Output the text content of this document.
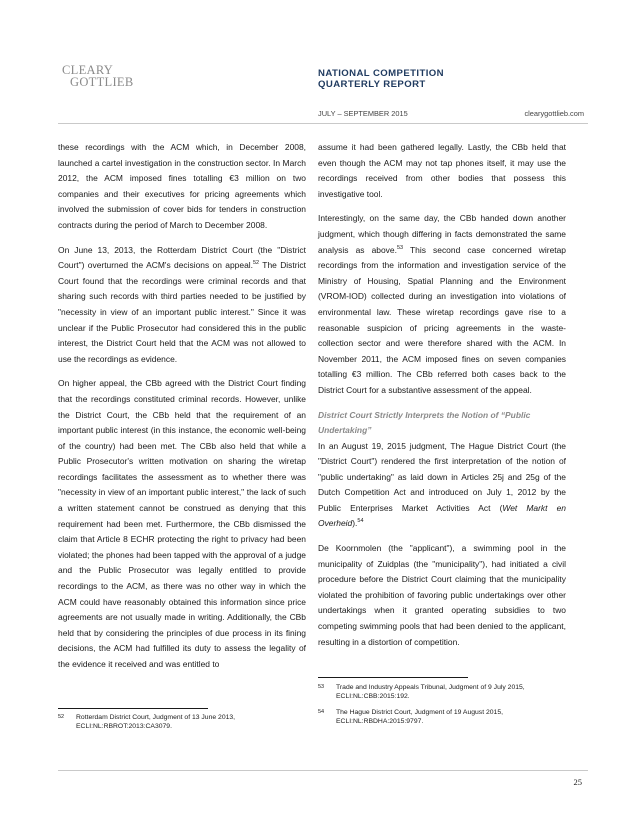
CLEARY
GOTTLIEB
NATIONAL COMPETITION
QUARTERLY REPORT
JULY – SEPTEMBER 2015	clearygottlieb.com

these recordings with the ACM which, in December 2008, launched a cartel investigation in the construction sector. In March 2012, the ACM imposed fines totalling €3 million on two companies and their executives for pricing agreements which involved the submission of cover bids for tenders in construction contracts during the period of March to December 2008.

On June 13, 2013, the Rotterdam District Court (the "District Court") overturned the ACM's decisions on appeal.$^{52}$ The District Court found that the recordings were criminal records and that sharing such records with third parties needed to be justified by "necessity in view of an important public interest." Since it was unclear if the Public Prosecutor had considered this in the public interest, the District Court held that the ACM was not allowed to use the recordings as evidence.

On higher appeal, the CBb agreed with the District Court finding that the recordings constituted criminal records. However, unlike the District Court, the CBb held that the requirement of an important public interest (in this instance, the economic well-being of the country) had been met. The CBb also held that while a Public Prosecutor's written motivation on sharing the wiretap recordings facilitates the assessment as to whether there was "necessity in view of an important public interest," the lack of such a written statement cannot be construed as denying that this requirement had been met. Furthermore, the CBb dismissed the claim that Article 8 ECHR protecting the right to privacy had been violated; the phones had been tapped with the approval of a judge and the Public Prosecutor was legally entitled to provide recordings to the ACM, as there was no other way in which the ACM could have reasonably obtained this information since price agreements are not usually made in writing. Additionally, the CBb held that by considering the principles of due process in its fining decisions, the ACM had fulfilled its duty to assess the legality of the evidence it received and was entitled to

assume it had been gathered legally. Lastly, the CBb held that even though the ACM may not tap phones itself, it may use the recordings received from other bodies that possess this investigative tool.

Interestingly, on the same day, the CBb handed down another judgment, which though differing in facts demonstrated the same analysis as above.$^{53}$ This second case concerned wiretap recordings from the information and investigation service of the Ministry of Housing, Spatial Planning and the Environment (VROM-IOD) collected during an investigation into violations of environmental law. These wiretap recordings gave rise to a reasonable suspicion of pricing agreements in the waste-collection sector and were therefore shared with the ACM. In November 2011, the ACM imposed fines on seven companies totalling €3 million. The CBb referred both cases back to the District Court for a substantive assessment of the appeal.

District Court Strictly Interprets the Notion of “Public Undertaking”

In an August 19, 2015 judgment, The Hague District Court (the "District Court") rendered the first interpretation of the notion of "public undertaking" as laid down in Articles 25j and 25g of the Dutch Competition Act and introduced on July 1, 2012 by the Public Enterprises Market Activities Act (Wet Markt en Overheid).$^{54}$

De Koornmolen (the "applicant"), a swimming pool in the municipality of Zuidplas (the "municipality"), had initiated a civil procedure before the District Court claiming that the municipality violated the prohibition of favoring public undertakings over other undertakings when it granted operating subsidies to two competing swimming pools that had been denied to the applicant, resulting in a distortion of competition.

52	Rotterdam District Court, Judgment of 13 June 2013, ECLI:NL:RBROT:2013:CA3079.
53	Trade and Industry Appeals Tribunal, Judgment of 9 July 2015, ECLI:NL:CBB:2015:192.
54	The Hague District Court, Judgment of 19 August 2015, ECLI:NL:RBDHA:2015:9797.
25
